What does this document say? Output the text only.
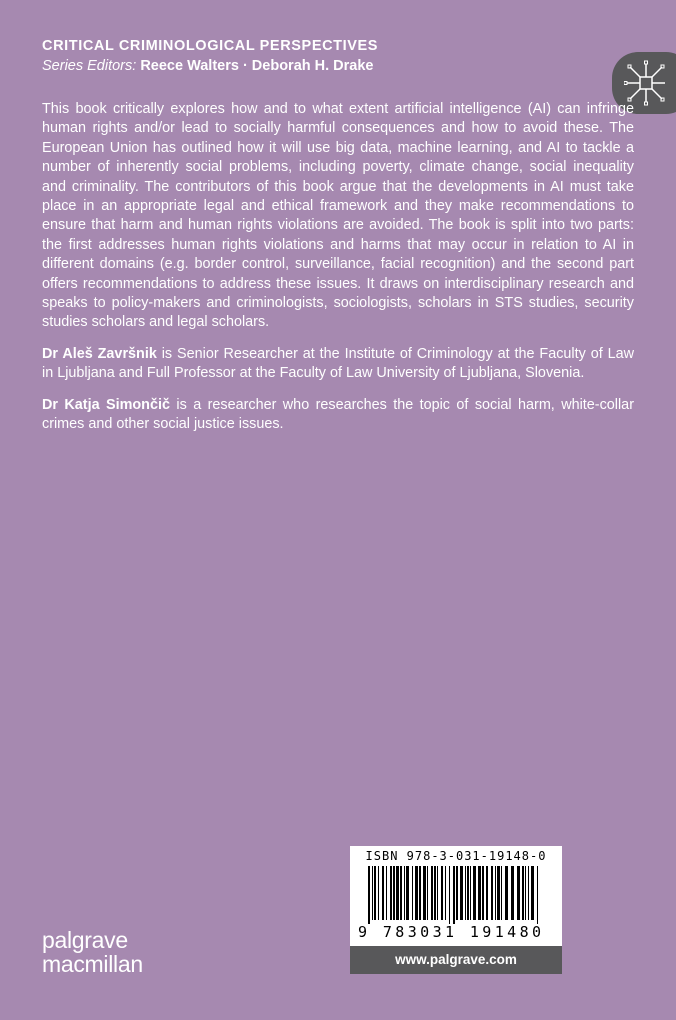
CRITICAL CRIMINOLOGICAL PERSPECTIVES
Series Editors: Reece Walters · Deborah H. Drake

This book critically explores how and to what extent artificial intelligence (AI) can infringe human rights and/or lead to socially harmful consequences and how to avoid these. The European Union has outlined how it will use big data, machine learning, and AI to tackle a number of inherently social problems, including poverty, climate change, social inequality and criminality. The contributors of this book argue that the developments in AI must take place in an appropriate legal and ethical framework and they make recommendations to ensure that harm and human rights violations are avoided. The book is split into two parts: the first addresses human rights violations and harms that may occur in relation to AI in different domains (e.g. border control, surveillance, facial recognition) and the second part offers recommendations to address these issues. It draws on interdisciplinary research and speaks to policy-makers and criminologists, sociologists, scholars in STS studies, security studies scholars and legal scholars.

Dr Aleš Završnik is Senior Researcher at the Institute of Criminology at the Faculty of Law in Ljubljana and Full Professor at the Faculty of Law University of Ljubljana, Slovenia.

Dr Katja Simončič is a researcher who researches the topic of social harm, white-collar crimes and other social justice issues.

ISBN 978-3-031-19148-0
9 783031 191480
www.palgrave.com
palgrave
macmillan
